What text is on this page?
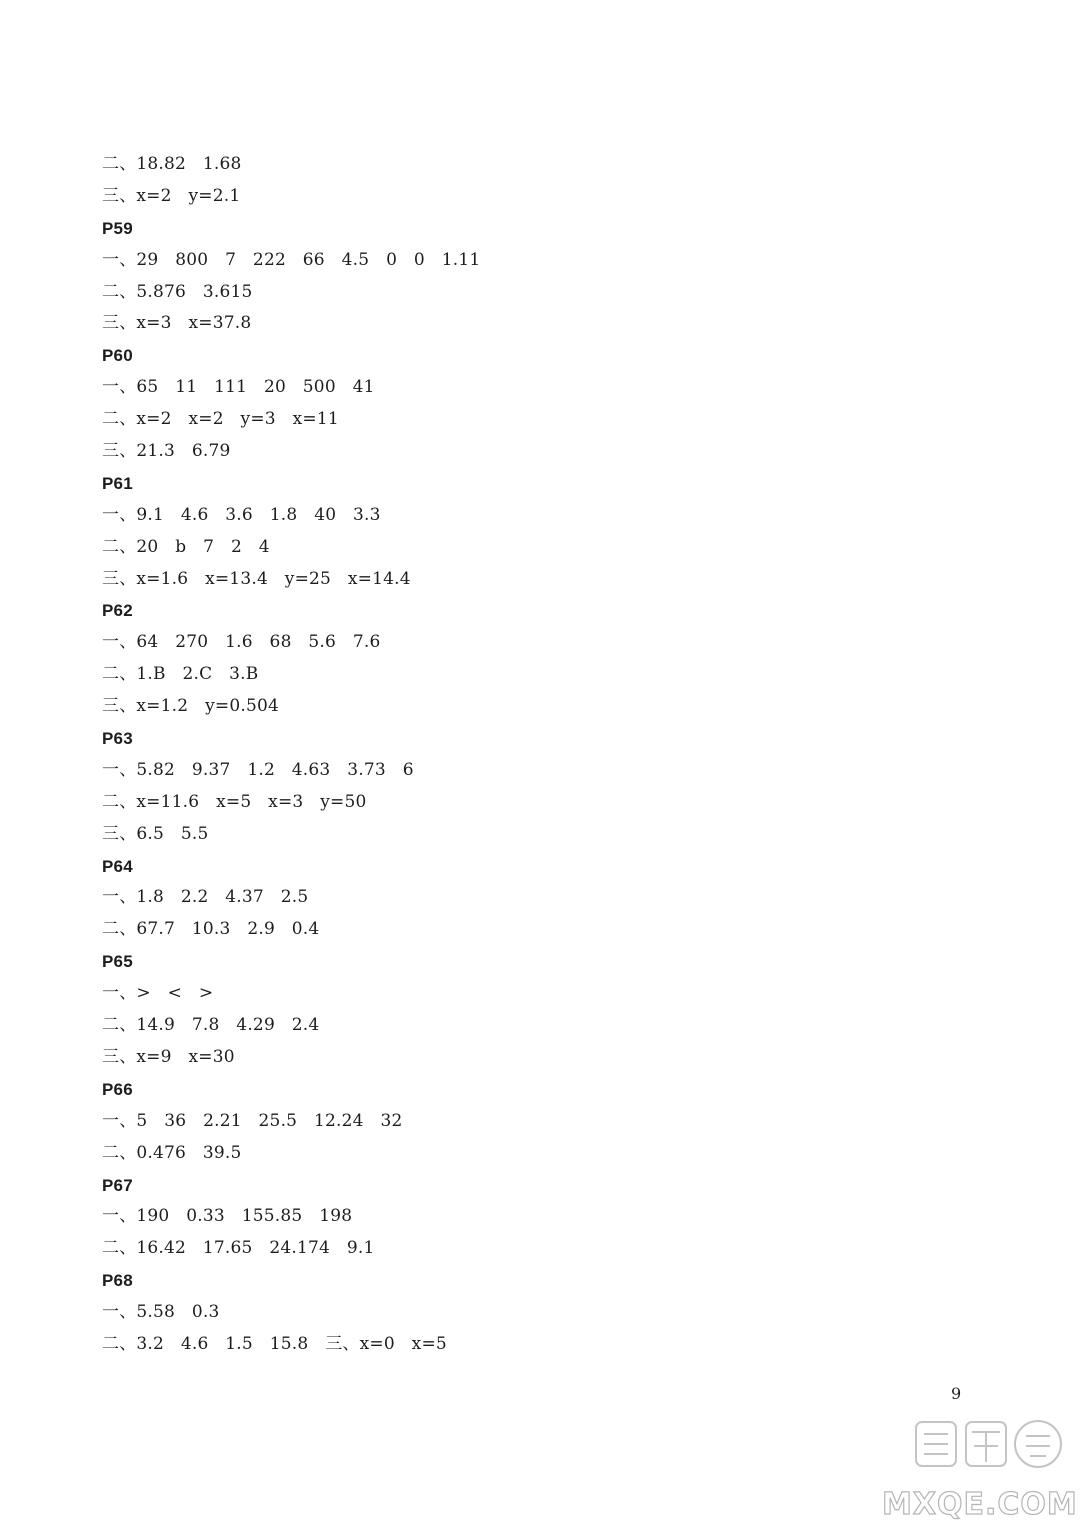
二、18.82   1.68
三、x=2   y=2.1
P59
一、29   800   7   222   66   4.5   0   0   1.11
二、5.876   3.615
三、x=3   x=37.8
P60
一、65   11   111   20   500   41
二、x=2   x=2   y=3   x=11
三、21.3   6.79
P61
一、9.1   4.6   3.6   1.8   40   3.3
二、20   b   7   2   4
三、x=1.6   x=13.4   y=25   x=14.4
P62
一、64   270   1.6   68   5.6   7.6
二、1.B   2.C   3.B
三、x=1.2   y=0.504
P63
一、5.82   9.37   1.2   4.63   3.73   6
二、x=11.6   x=5   x=3   y=50
三、6.5   5.5
P64
一、1.8   2.2   4.37   2.5
二、67.7   10.3   2.9   0.4
P65
一、>   <   >
二、14.9   7.8   4.29   2.4
三、x=9   x=30
P66
一、5   36   2.21   25.5   12.24   32
二、0.476   39.5
P67
一、190   0.33   155.85   198
二、16.42   17.65   24.174   9.1
P68
一、5.58   0.3
二、3.2   4.6   1.5   15.8   三、x=0   x=5
9
MXQE.COM
